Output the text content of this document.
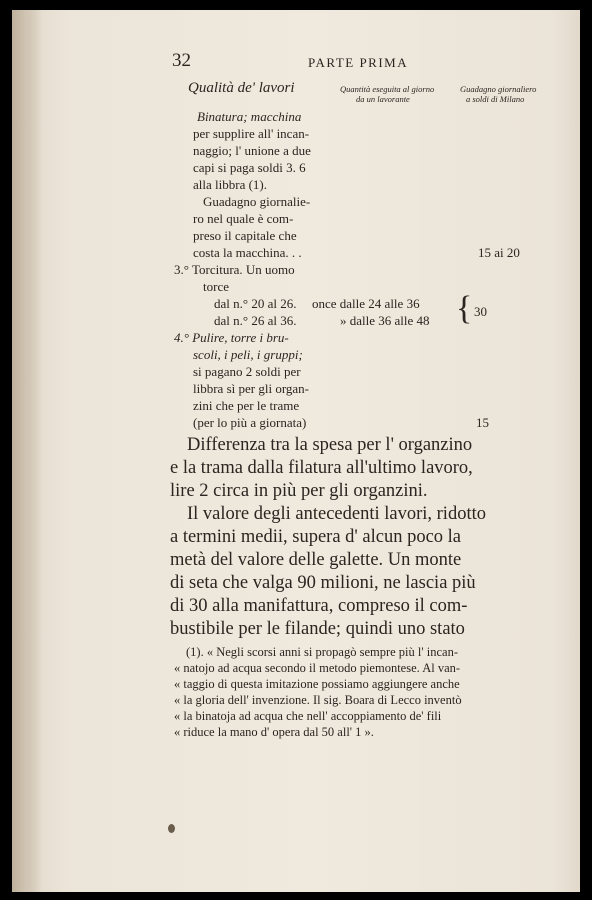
32	PARTE PRIMA
Qualità de' lavori	Quantità eseguita al giorno
da un lavorante
Guadagno giornaliero
a soldi di Milano
Binatura; macchina
per supplire all' incan-
naggio; l' unione a due
capi si paga soldi 3. 6
alla libbra (1).
Guadagno giornalie-
ro nel quale è com-
preso il capitale che
costa la macchina. . .
3.° Torcitura. Un uomo
torce
dal n.° 20 al 26.
dal n.° 26 al 36.
4.° Pulire, torre i bru-
scoli, i peli, i gruppi;
si pagano 2 soldi per
libbra sì per gli organ-
zini che per le trame
(per lo più a giornata)
once dalle 24 alle 36
» dalle 36 alle 48 {
15 ai 20
30
15
Differenza tra la spesa per l' organzino
e la trama dalla filatura all'ultimo lavoro,
lire 2 circa in più per gli organzini.
Il valore degli antecedenti lavori, ridotto
a termini medii, supera d' alcun poco la
metà del valore delle galette. Un monte
di seta che valga 90 milioni, ne lascia più
di 30 alla manifattura, compreso il com-
bustibile per le filande; quindi uno stato
(1). « Negli scorsi anni si propagò sempre più l' incan-
« natojo ad acqua secondo il metodo piemontese. Al van-
« taggio di questa imitazione possiamo aggiungere anche
« la gloria dell' invenzione. Il sig. Boara di Lecco inventò
« la binatoja ad acqua che nell' accoppiamento de' fili
« riduce la mano d' opera dal 50 all' 1 ».
